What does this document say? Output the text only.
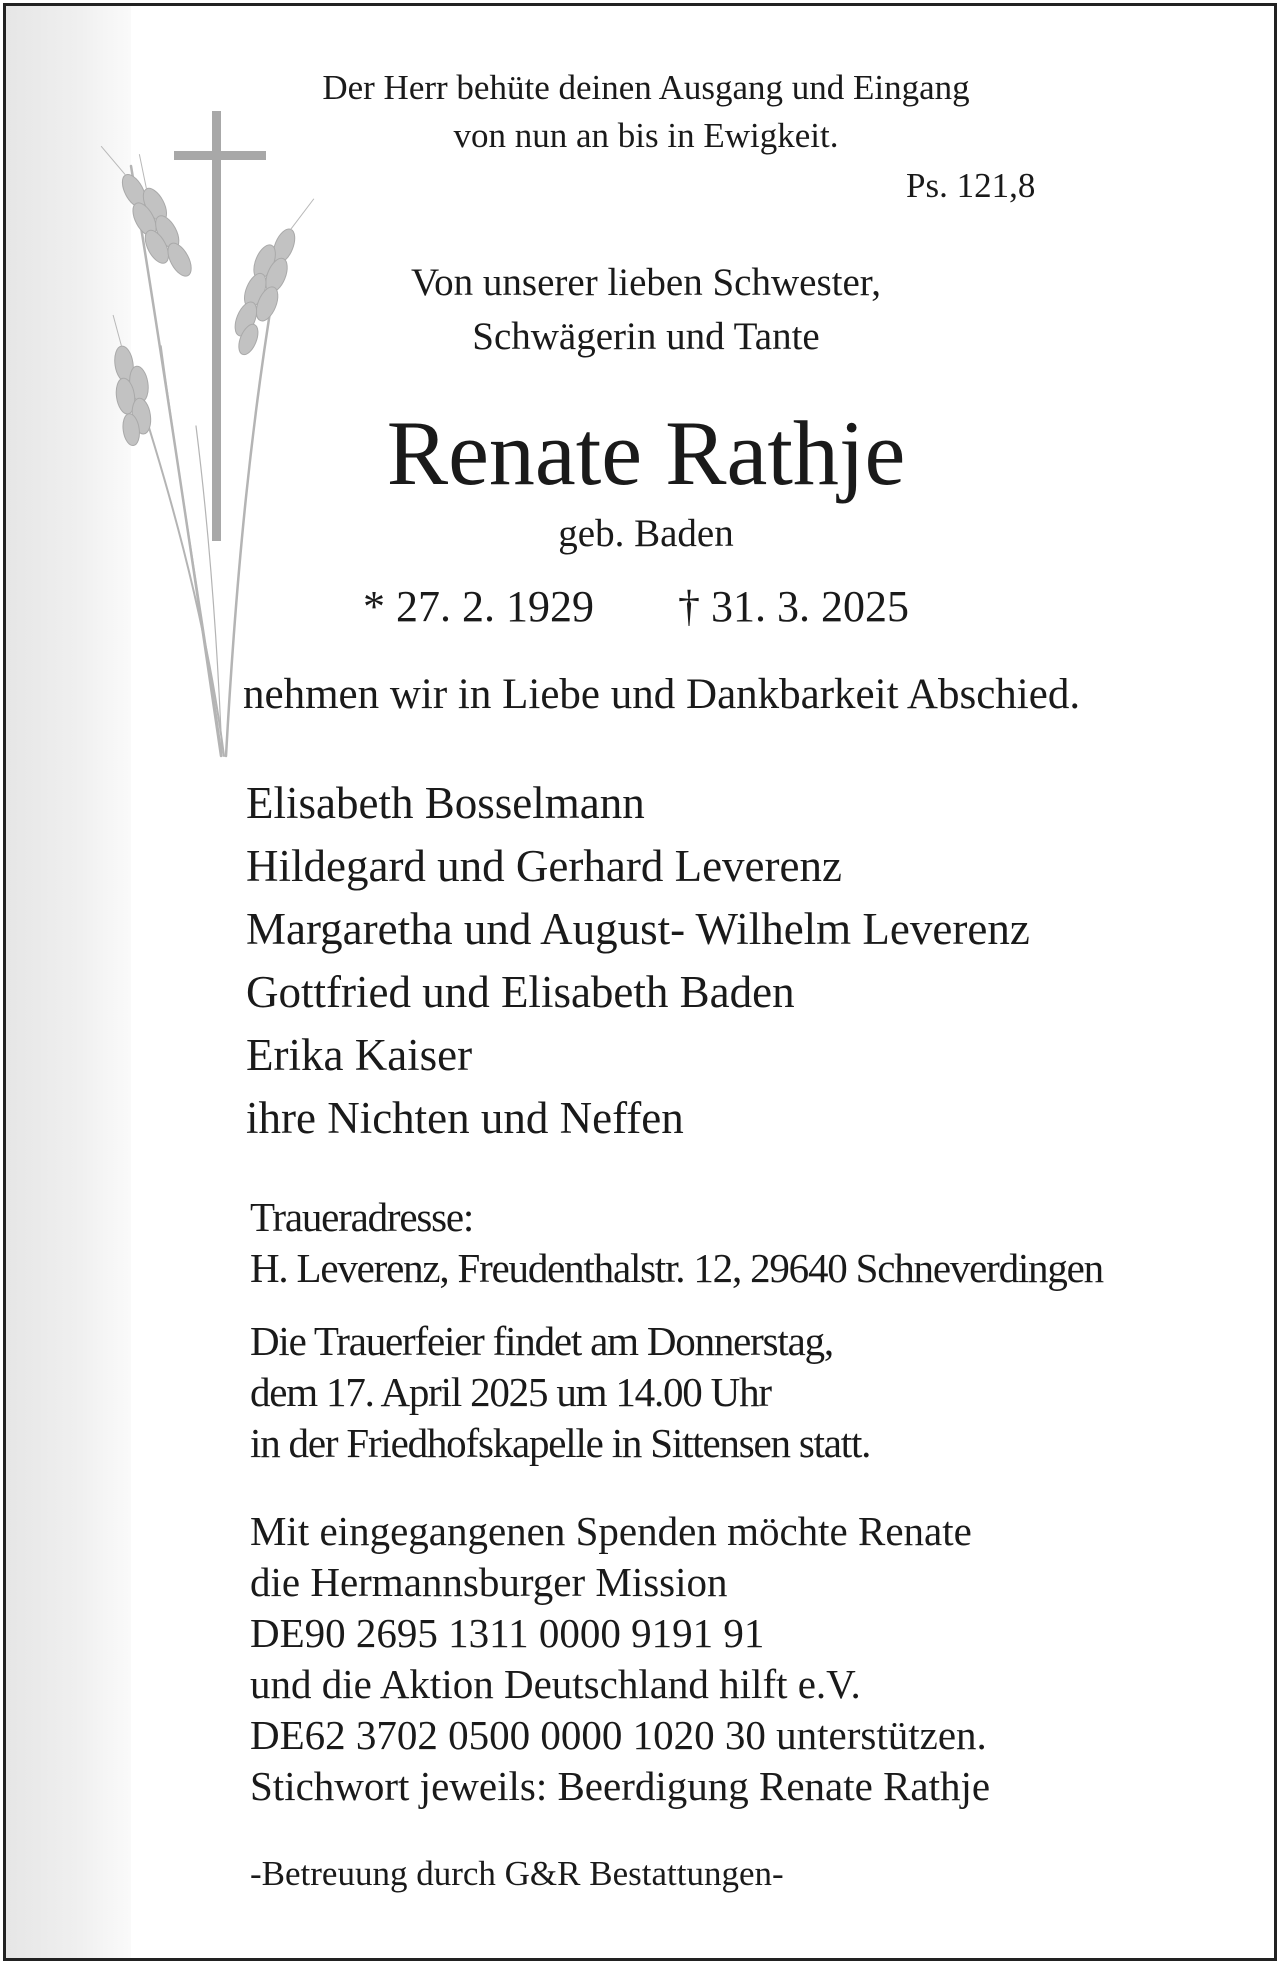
Der Herr behüte deinen Ausgang und Eingang
von nun an bis in Ewigkeit.
Ps. 121,8
Von unserer lieben Schwester,
Schwägerin und Tante
Renate Rathje
geb. Baden
* 27. 2. 1929 † 31. 3. 2025
nehmen wir in Liebe und Dankbarkeit Abschied.
Elisabeth Bosselmann
Hildegard und Gerhard Leverenz
Margaretha und August- Wilhelm Leverenz
Gottfried und Elisabeth Baden
Erika Kaiser
ihre Nichten und Neffen
Traueradresse:
H. Leverenz, Freudenthalstr. 12, 29640 Schneverdingen
Die Trauerfeier findet am Donnerstag,
dem 17. April 2025 um 14.00 Uhr
in der Friedhofskapelle in Sittensen statt.
Mit eingegangenen Spenden möchte Renate
die Hermannsburger Mission
DE90 2695 1311 0000 9191 91
und die Aktion Deutschland hilft e.V.
DE62 3702 0500 0000 1020 30 unterstützen.
Stichwort jeweils: Beerdigung Renate Rathje
-Betreuung durch G&R Bestattungen-
